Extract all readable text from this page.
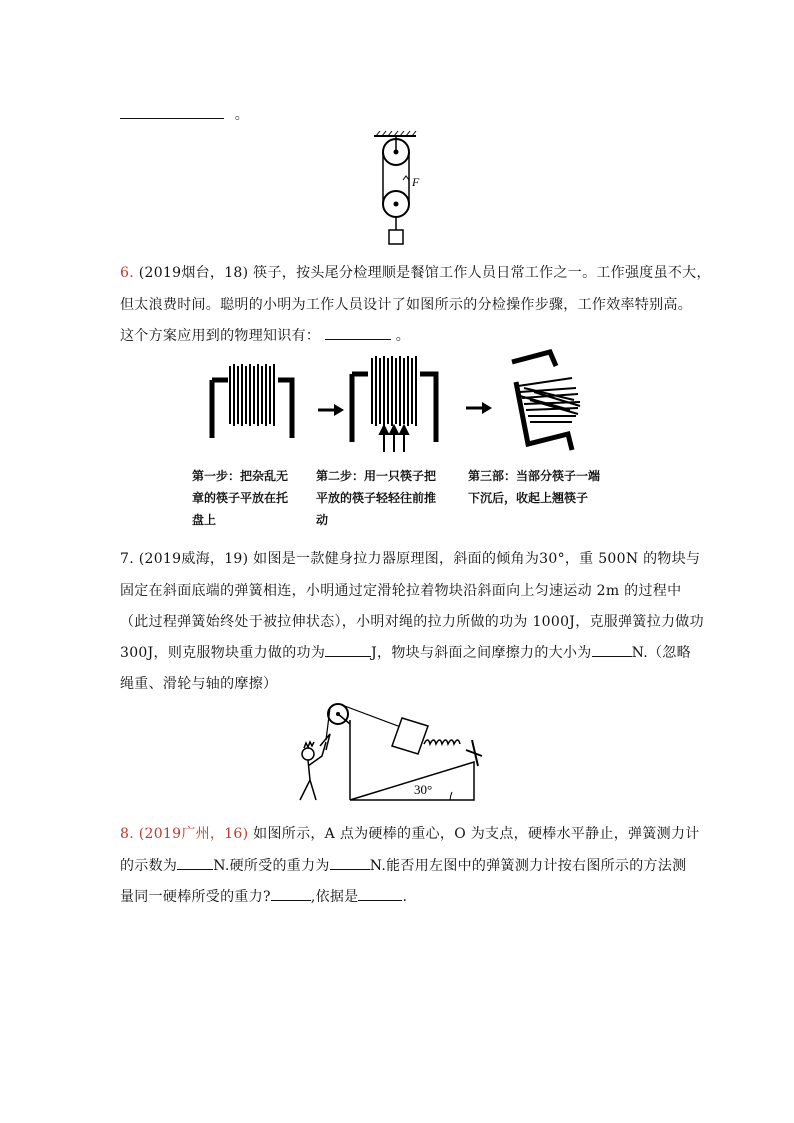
。
F
6. (2019烟台，18) 筷子，按头尾分检理顺是餐馆工作人员日常工作之一。工作强度虽不大，
但太浪费时间。聪明的小明为工作人员设计了如图所示的分检操作步骤，工作效率特别高。
这个方案应用到的物理知识有：	。
第一步：把杂乱无
章的筷子平放在托
盘上
第二步：用一只筷子把
平放的筷子轻轻往前推
动
第三部：当部分筷子一端
下沉后，收起上翘筷子
7. (2019威海，19) 如图是一款健身拉力器原理图，斜面的倾角为30°，重 500N 的物块与
固定在斜面底端的弹簧相连，小明通过定滑轮拉着物块沿斜面向上匀速运动 2m 的过程中
（此过程弹簧始终处于被拉伸状态），小明对绳的拉力所做的功为 1000J，克服弹簧拉力做功
300J，则克服物块重力做的功为	J，物块与斜面之间摩擦力的大小为	N.（忽略
绳重、滑轮与轴的摩擦）
30°
8. (2019广州，16) 如图所示，A 点为硬棒的重心，O 为支点，硬棒水平静止，弹簧测力计
的示数为	N.硬所受的重力为	N.能否用左图中的弹簧测力计按右图所示的方法测
量同一硬棒所受的重力?	,依据是	.
